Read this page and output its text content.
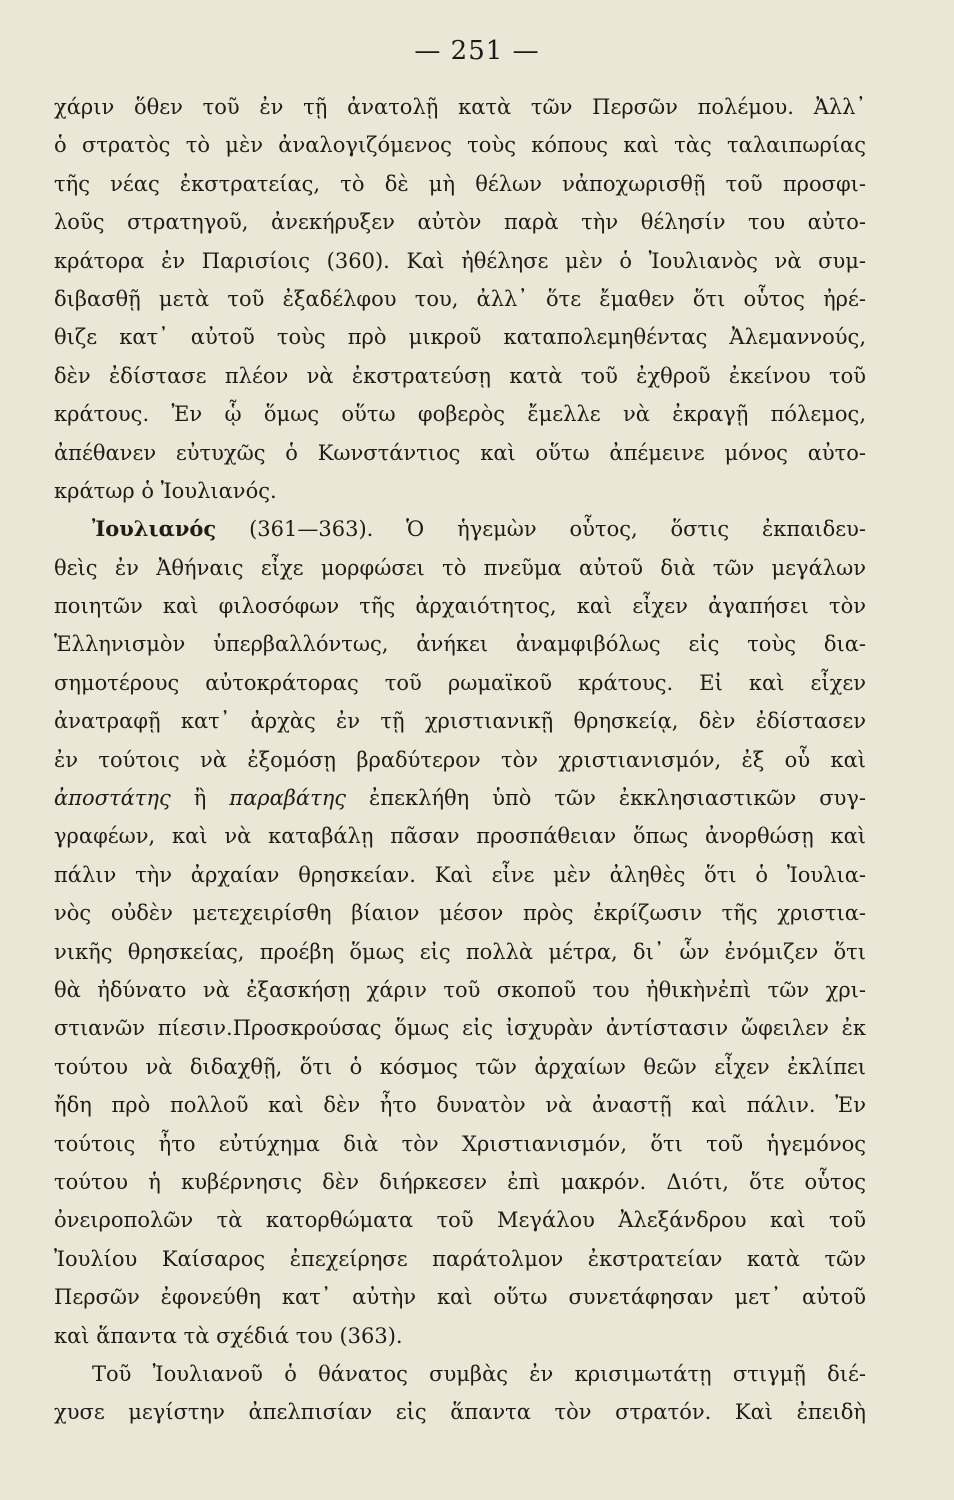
— 251 —
χάριν ὅθεν τοῦ ἐν τῇ ἀνατολῇ κατὰ τῶν Περσῶν πολέμου. Ἀλλ᾽
ὁ στρατὸς τὸ μὲν ἀναλογιζόμενος τοὺς κόπους καὶ τὰς ταλαιπωρίας
τῆς νέας ἐκστρατείας, τὸ δὲ μὴ θέλων νἀποχωρισθῇ τοῦ προσφι-
λοῦς στρατηγοῦ, ἀνεκήρυξεν αὐτὸν παρὰ τὴν θέλησίν του αὐτο-
κράτορα ἐν Παρισίοις (360). Καὶ ἠθέλησε μὲν ὁ Ἰουλιανὸς νὰ συμ-
διβασθῇ μετὰ τοῦ ἐξαδέλφου του, ἀλλ᾽ ὅτε ἔμαθεν ὅτι οὗτος ἠρέ-
θιζε κατ᾽ αὐτοῦ τοὺς πρὸ μικροῦ καταπολεμηθέντας Ἀλεμαννούς,
δὲν ἐδίστασε πλέον νὰ ἐκστρατεύσῃ κατὰ τοῦ ἐχθροῦ ἐκείνου τοῦ
κράτους. Ἐν ᾧ ὅμως οὕτω φοβερὸς ἔμελλε νὰ ἐκραγῇ πόλεμος,
ἀπέθανεν εὐτυχῶς ὁ Κωνστάντιος καὶ οὕτω ἀπέμεινε μόνος αὐτο-
κράτωρ ὁ Ἰουλιανός.
Ἰουλιανός (361—363). Ὁ ἡγεμὼν οὗτος, ὅστις ἐκπαιδευ-
θεὶς ἐν Ἀθήναις εἶχε μορφώσει τὸ πνεῦμα αὐτοῦ διὰ τῶν μεγάλων
ποιητῶν καὶ φιλοσόφων τῆς ἀρχαιότητος, καὶ εἶχεν ἀγαπήσει τὸν
Ἑλληνισμὸν ὑπερβαλλόντως, ἀνήκει ἀναμφιβόλως εἰς τοὺς δια-
σημοτέρους αὐτοκράτορας τοῦ ρωμαϊκοῦ κράτους. Εἰ καὶ εἶχεν
ἀνατραφῇ κατ᾽ ἀρχὰς ἐν τῇ χριστιανικῇ θρησκείᾳ, δὲν ἐδίστασεν
ἐν τούτοις νὰ ἐξομόσῃ βραδύτερον τὸν χριστιανισμόν, ἐξ οὗ καὶ
ἀποστάτης ἢ παραβάτης ἐπεκλήθη ὑπὸ τῶν ἐκκλησιαστικῶν συγ-
γραφέων, καὶ νὰ καταβάλῃ πᾶσαν προσπάθειαν ὅπως ἀνορθώσῃ καὶ
πάλιν τὴν ἀρχαίαν θρησκείαν. Καὶ εἶνε μὲν ἀληθὲς ὅτι ὁ Ἰουλια-
νὸς οὐδὲν μετεχειρίσθη βίαιον μέσον πρὸς ἐκρίζωσιν τῆς χριστια-
νικῆς θρησκείας, προέβη ὅμως εἰς πολλὰ μέτρα, δι᾽ ὧν ἐνόμιζεν ὅτι
θὰ ἠδύνατο νὰ ἐξασκήσῃ χάριν τοῦ σκοποῦ του ἠθικὴνἐπὶ τῶν χρι-
στιανῶν πίεσιν.Προσκρούσας ὅμως εἰς ἰσχυρὰν ἀντίστασιν ὤφειλεν ἐκ
τούτου νὰ διδαχθῇ, ὅτι ὁ κόσμος τῶν ἀρχαίων θεῶν εἶχεν ἐκλίπει
ἤδη πρὸ πολλοῦ καὶ δὲν ἦτο δυνατὸν νὰ ἀναστῇ καὶ πάλιν. Ἐν
τούτοις ἦτο εὐτύχημα διὰ τὸν Χριστιανισμόν, ὅτι τοῦ ἡγεμόνος
τούτου ἡ κυβέρνησις δὲν διήρκεσεν ἐπὶ μακρόν. Διότι, ὅτε οὗτος
ὀνειροπολῶν τὰ κατορθώματα τοῦ Μεγάλου Ἀλεξάνδρου καὶ τοῦ
Ἰουλίου Καίσαρος ἐπεχείρησε παράτολμον ἐκστρατείαν κατὰ τῶν
Περσῶν ἐφονεύθη κατ᾽ αὐτὴν καὶ οὕτω συνετάφησαν μετ᾽ αὐτοῦ
καὶ ἅπαντα τὰ σχέδιά του (363).
Τοῦ Ἰουλιανοῦ ὁ θάνατος συμβὰς ἐν κρισιμωτάτῃ στιγμῇ διέ-
χυσε μεγίστην ἀπελπισίαν εἰς ἅπαντα τὸν στρατόν. Καὶ ἐπειδὴ
